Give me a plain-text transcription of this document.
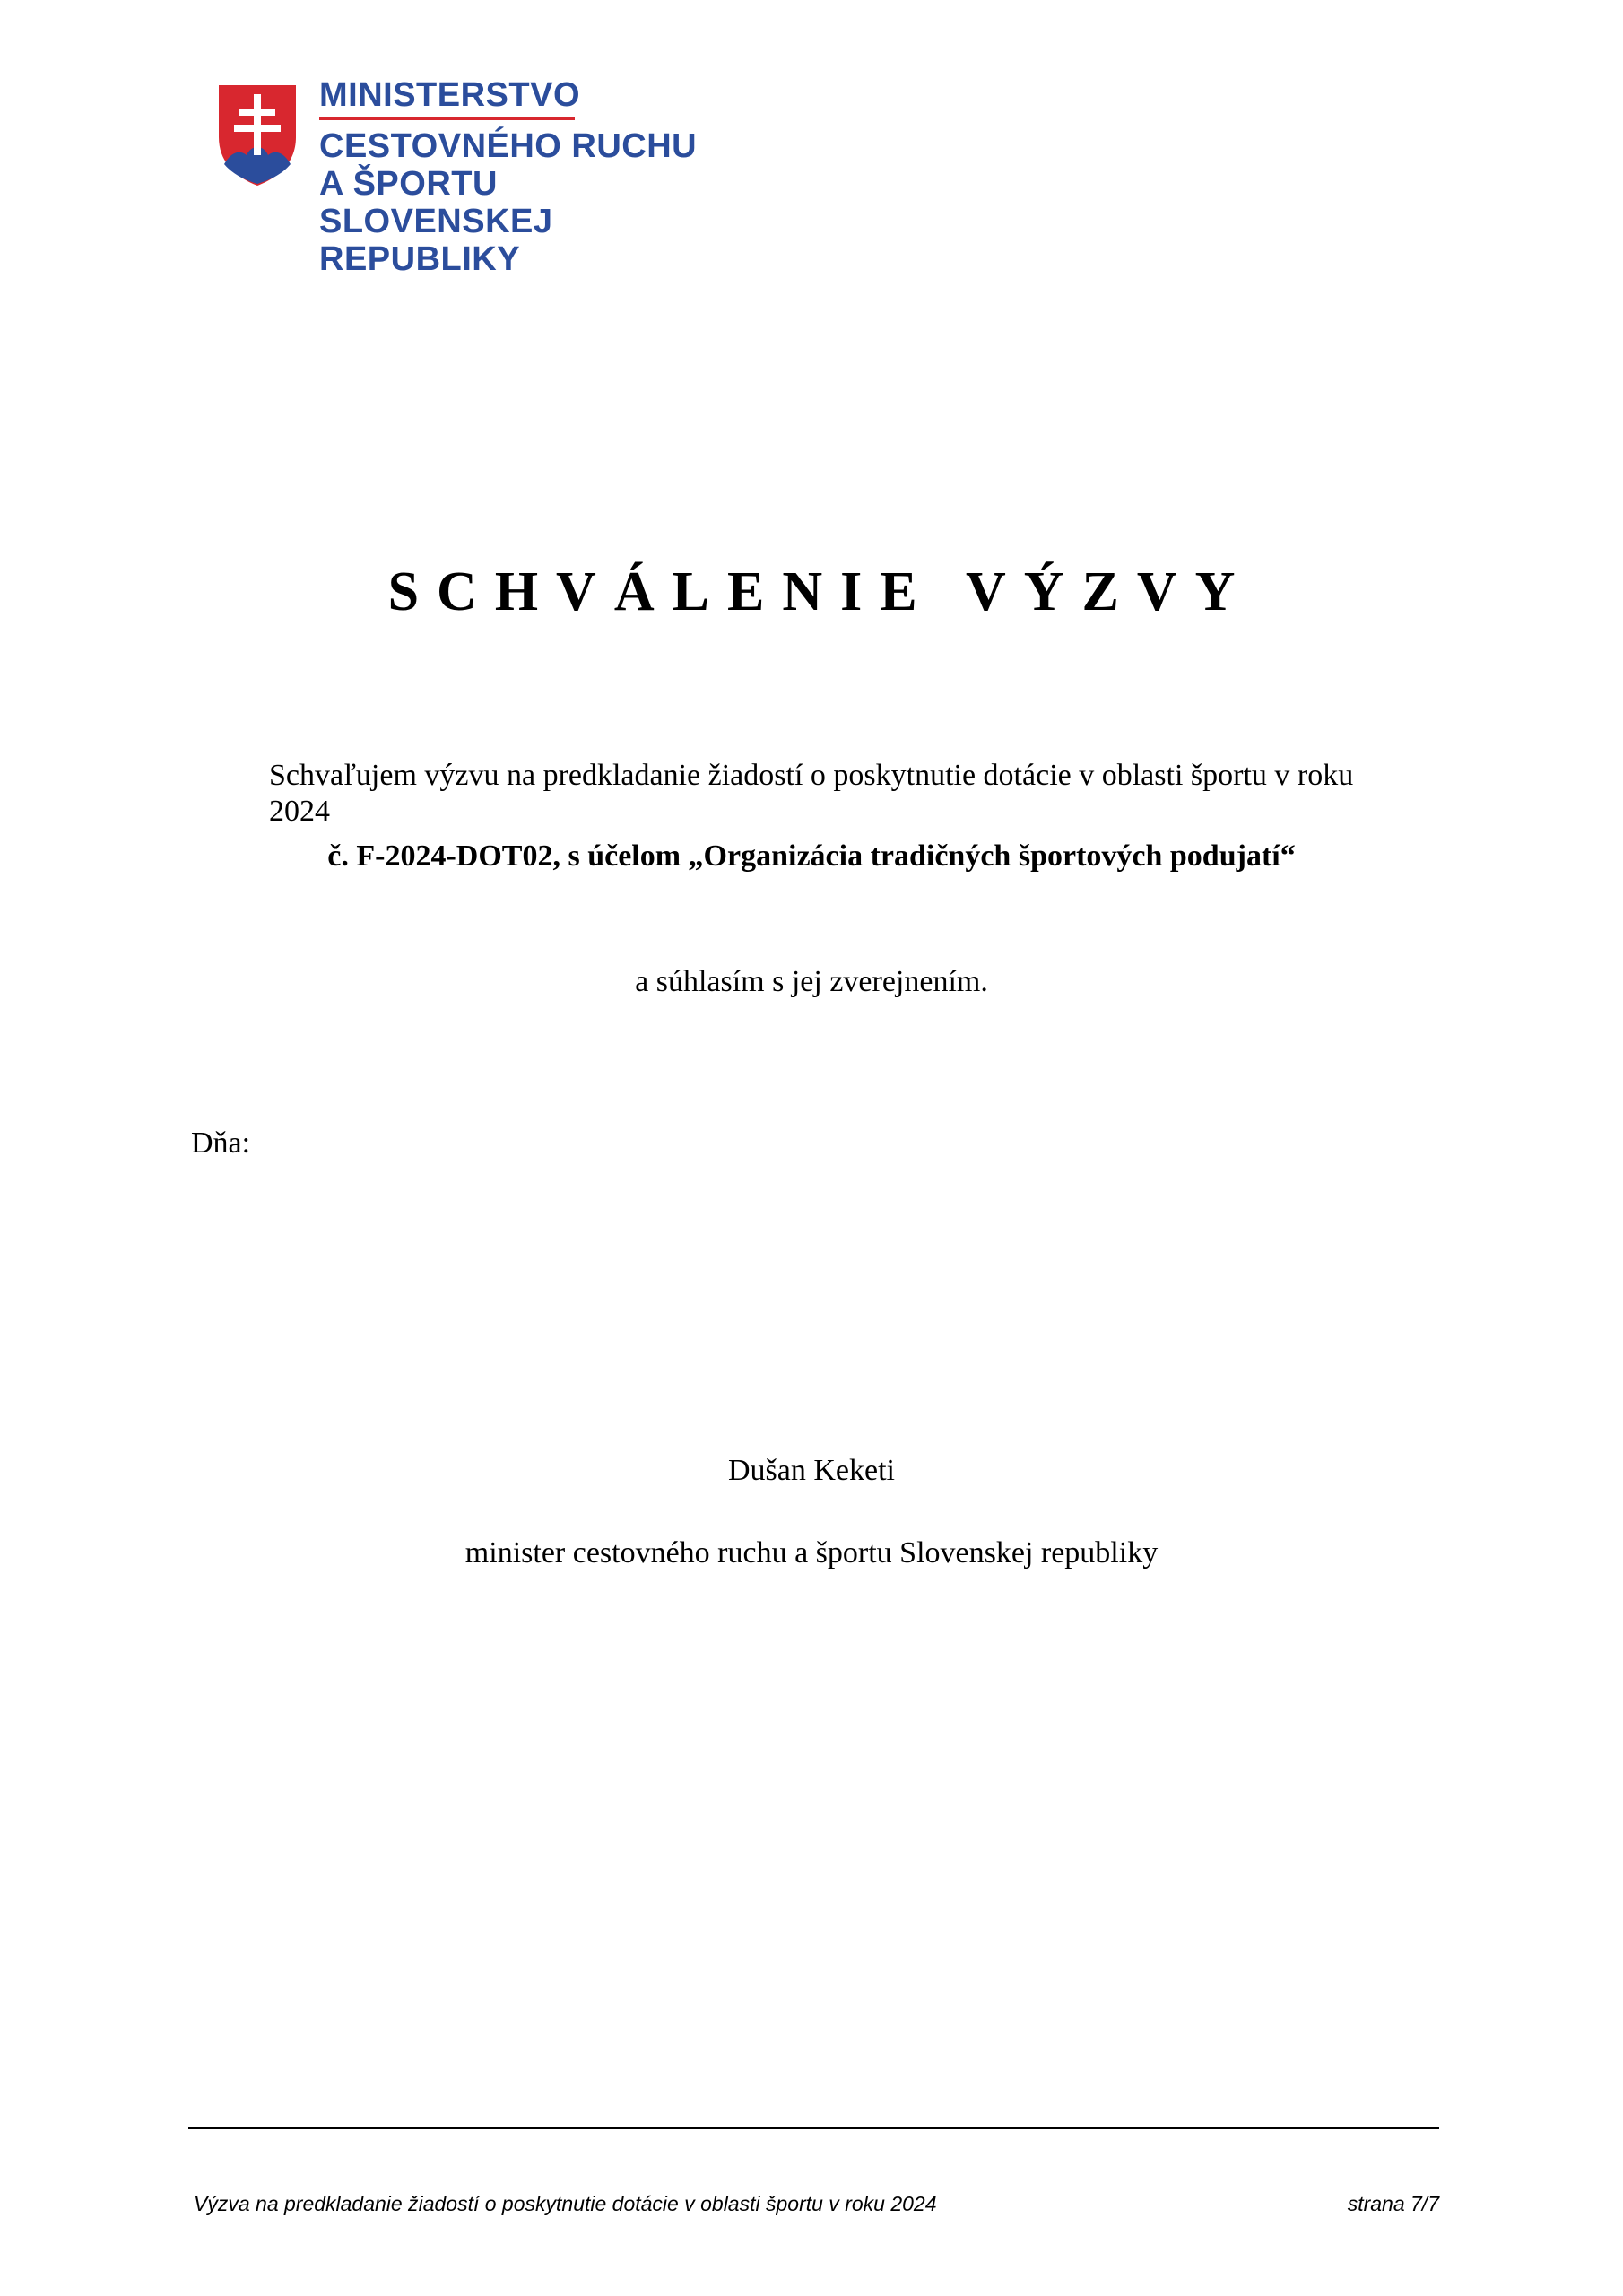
MINISTERSTVO
CESTOVNÉHO RUCHU
A ŠPORTU
SLOVENSKEJ REPUBLIKY
SCHVÁLENIE VÝZVY
Schvaľujem výzvu na predkladanie žiadostí o poskytnutie dotácie v oblasti športu v roku 2024
č. F-2024-DOT02, s účelom „Organizácia tradičných športových podujatí“
a súhlasím s jej zverejnením.
Dňa:
Dušan Keketi
minister cestovného ruchu a športu Slovenskej republiky
Výzva na predkladanie žiadostí o poskytnutie dotácie v oblasti športu v roku 2024	strana 7/7
